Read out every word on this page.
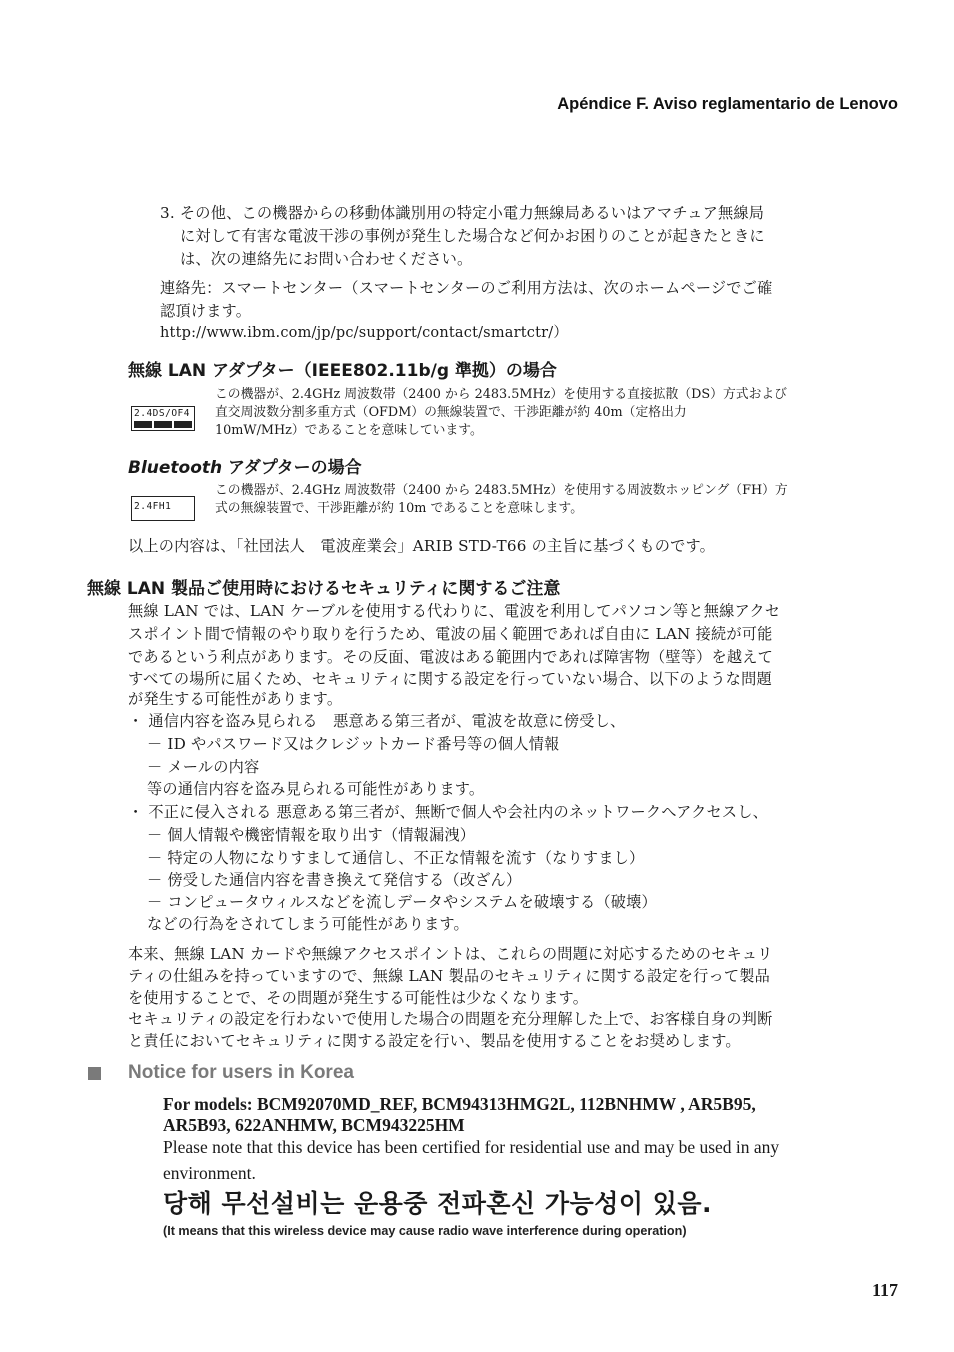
Apéndice F. Aviso reglamentario de Lenovo
3. その他、この機器からの移動体識別用の特定小電力無線局あるいはアマチュア無線局
に対して有害な電波干渉の事例が発生した場合など何かお困りのことが起きたときに
は、次の連絡先にお問い合わせください。
連絡先：スマートセンター（スマートセンターのご利用方法は、次のホームページでご確
認頂けます。
http://www.ibm.com/jp/pc/support/contact/smartctr/）
無線 LAN アダプター（IEEE802.11b/g 準拠）の場合
2.4DS/OF4
この機器が、2.4GHz 周波数帯（2400 から 2483.5MHz）を使用する直接拡散（DS）方式および
直交周波数分割多重方式（OFDM）の無線装置で、干渉距離が約 40m（定格出力
10mW/MHz）であることを意味しています。
Bluetooth アダプターの場合
2.4FH1
この機器が、2.4GHz 周波数帯（2400 から 2483.5MHz）を使用する周波数ホッピング（FH）方
式の無線装置で、干渉距離が約 10m であることを意味します。
以上の内容は、「社団法人　電波産業会」ARIB STD-T66 の主旨に基づくものです。
無線 LAN 製品ご使用時におけるセキュリティに関するご注意
無線 LAN では、LAN ケーブルを使用する代わりに、電波を利用してパソコン等と無線アクセ
スポイント間で情報のやり取りを行うため、電波の届く範囲であれば自由に LAN 接続が可能
であるという利点があります。その反面、電波はある範囲内であれば障害物（壁等）を越えて
すべての場所に届くため、セキュリティに関する設定を行っていない場合、以下のような問題
が発生する可能性があります。
・ 通信内容を盗み見られる　悪意ある第三者が、電波を故意に傍受し、
－ ID やパスワード又はクレジットカード番号等の個人情報
－ メールの内容
等の通信内容を盗み見られる可能性があります。
・ 不正に侵入される 悪意ある第三者が、無断で個人や会社内のネットワークへアクセスし、
－ 個人情報や機密情報を取り出す（情報漏洩）
－ 特定の人物になりすまして通信し、不正な情報を流す（なりすまし）
－ 傍受した通信内容を書き換えて発信する（改ざん）
－ コンピュータウィルスなどを流しデータやシステムを破壊する（破壊）
などの行為をされてしまう可能性があります。
本来、無線 LAN カードや無線アクセスポイントは、これらの問題に対応するためのセキュリ
ティの仕組みを持っていますので、無線 LAN 製品のセキュリティに関する設定を行って製品
を使用することで、その問題が発生する可能性は少なくなります。
セキュリティの設定を行わないで使用した場合の問題を充分理解した上で、お客様自身の判断
と責任においてセキュリティに関する設定を行い、製品を使用することをお奨めします。
Notice for users in Korea
For models: BCM92070MD_REF, BCM94313HMG2L, 112BNHMW , AR5B95,
AR5B93, 622ANHMW, BCM943225HM
Please note that this device has been certified for residential use and may be used in any
environment.
당해 무선설비는 운용중 전파혼신 가능성이 있음.
(It means that this wireless device may cause radio wave interference during operation)
117
